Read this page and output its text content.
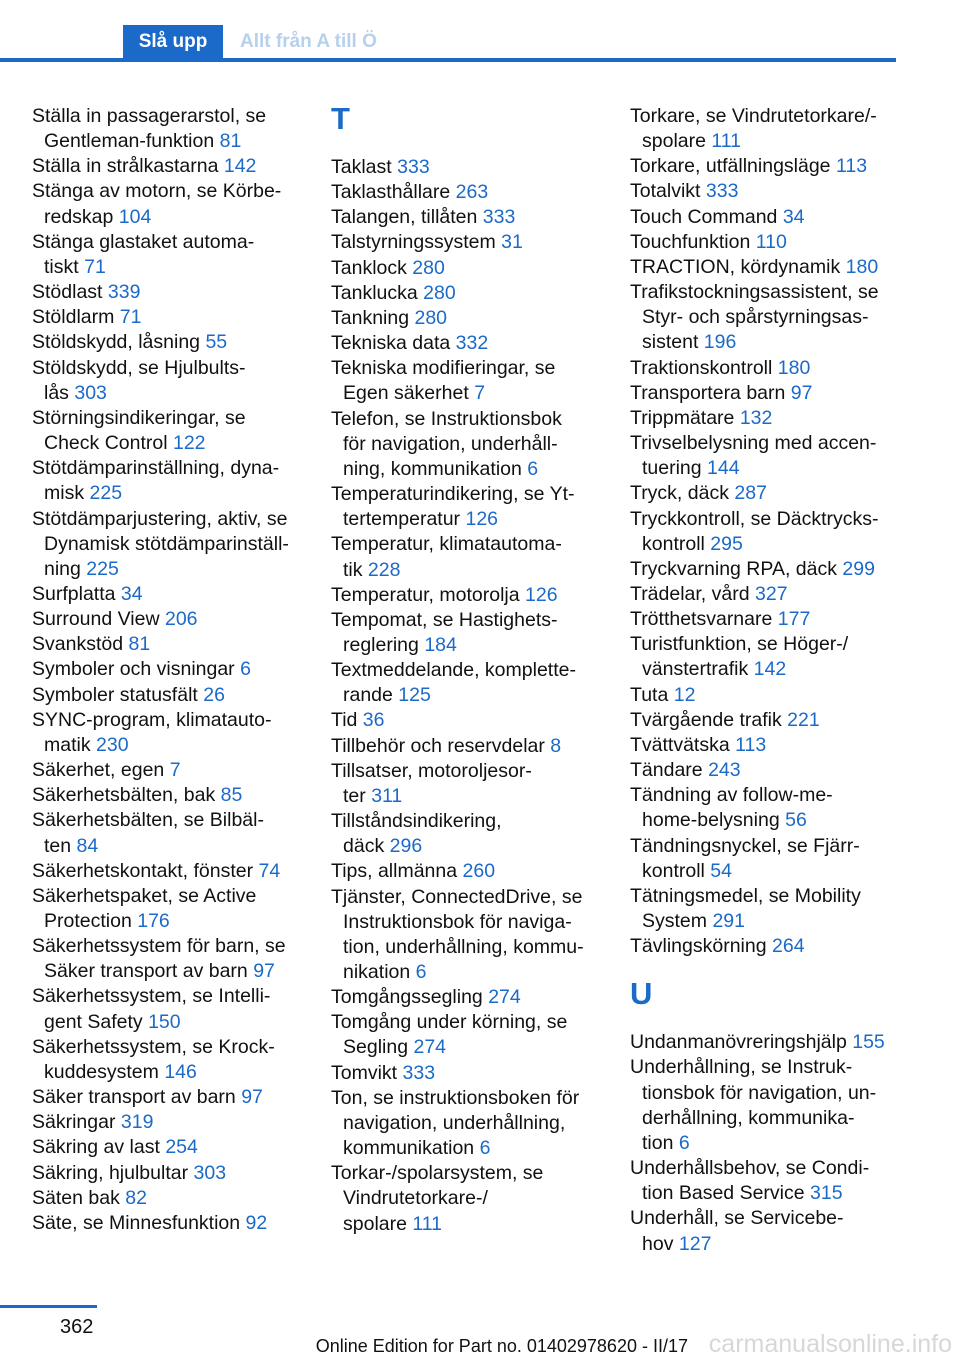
Slå upp	Allt från A till Ö
Ställa in passagerarstol, se
Gentleman-funktion 81
Ställa in strålkastarna 142
Stänga av motorn, se Körbe-
redskap 104
Stänga glastaket automa-
tiskt 71
Stödlast 339
Stöldlarm 71
Stöldskydd, låsning 55
Stöldskydd, se Hjulbults-
lås 303
Störningsindikeringar, se
Check Control 122
Stötdämparinställning, dyna-
misk 225
Stötdämparjustering, aktiv, se
Dynamisk stötdämparinställ-
ning 225
Surfplatta 34
Surround View 206
Svankstöd 81
Symboler och visningar 6
Symboler statusfält 26
SYNC-program, klimatauto-
matik 230
Säkerhet, egen 7
Säkerhetsbälten, bak 85
Säkerhetsbälten, se Bilbäl-
ten 84
Säkerhetskontakt, fönster 74
Säkerhetspaket, se Active
Protection 176
Säkerhetssystem för barn, se
Säker transport av barn 97
Säkerhetssystem, se Intelli-
gent Safety 150
Säkerhetssystem, se Krock-
kuddesystem 146
Säker transport av barn 97
Säkringar 319
Säkring av last 254
Säkring, hjulbultar 303
Säten bak 82
Säte, se Minnesfunktion 92
T
Taklast 333
Taklasthållare 263
Talangen, tillåten 333
Talstyrningssystem 31
Tanklock 280
Tanklucka 280
Tankning 280
Tekniska data 332
Tekniska modifieringar, se
Egen säkerhet 7
Telefon, se Instruktionsbok
för navigation, underhåll-
ning, kommunikation 6
Temperaturindikering, se Yt-
tertemperatur 126
Temperatur, klimatautoma-
tik 228
Temperatur, motorolja 126
Tempomat, se Hastighets-
reglering 184
Textmeddelande, komplette-
rande 125
Tid 36
Tillbehör och reservdelar 8
Tillsatser, motoroljesor-
ter 311
Tillståndsindikering,
däck 296
Tips, allmänna 260
Tjänster, ConnectedDrive, se
Instruktionsbok för naviga-
tion, underhållning, kommu-
nikation 6
Tomgångssegling 274
Tomgång under körning, se
Segling 274
Tomvikt 333
Ton, se instruktionsboken för
navigation, underhållning,
kommunikation 6
Torkar-/spolarsystem, se
Vindrutetorkare-/
spolare 111
Torkare, se Vindrutetorkare/-
spolare 111
Torkare, utfällningsläge 113
Totalvikt 333
Touch Command 34
Touchfunktion 110
TRACTION, kördynamik 180
Trafikstockningsassistent, se
Styr- och spårstyrningsas-
sistent 196
Traktionskontroll 180
Transportera barn 97
Trippmätare 132
Trivselbelysning med accen-
tuering 144
Tryck, däck 287
Tryckkontroll, se Däcktrycks-
kontroll 295
Tryckvarning RPA, däck 299
Trädelar, vård 327
Trötthetsvarnare 177
Turistfunktion, se Höger-/
vänstertrafik 142
Tuta 12
Tvärgående trafik 221
Tvättvätska 113
Tändare 243
Tändning av follow-me-
home-belysning 56
Tändningsnyckel, se Fjärr-
kontroll 54
Tätningsmedel, se Mobility
System 291
Tävlingskörning 264
U
Undanmanövreringshjälp 155
Underhållning, se Instruk-
tionsbok för navigation, un-
derhållning, kommunika-
tion 6
Underhållsbehov, se Condi-
tion Based Service 315
Underhåll, se Servicebe-
hov 127
362
Online Edition for Part no. 01402978620 - II/17 carmanualsonline.info
